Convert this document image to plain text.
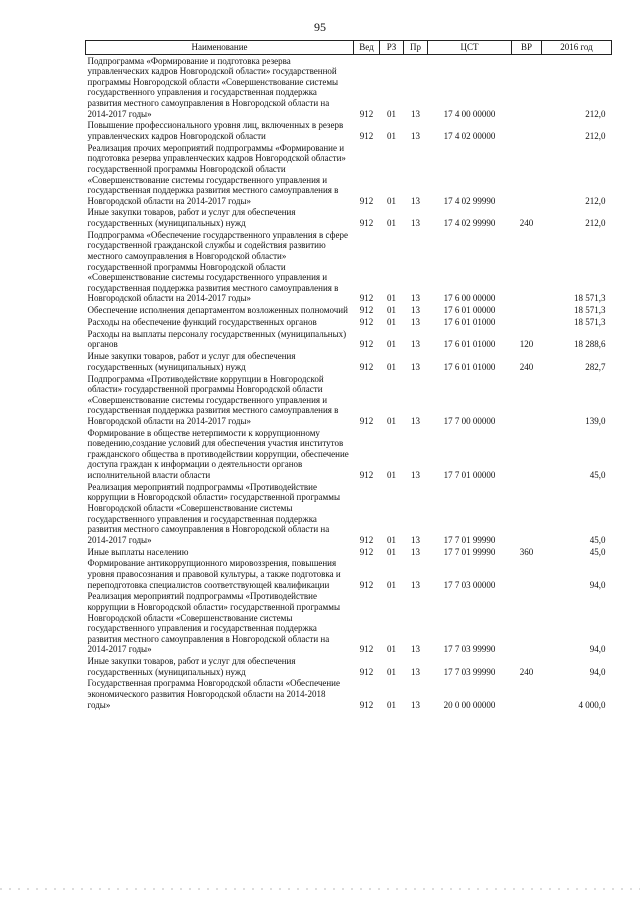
95
Наименование	Вед	РЗ	Пр	ЦСТ	ВР	2016 год
Подпрограмма «Формирование и подготовка резерва управленческих кадров Новгородской области» государственной программы Новгородской области «Совершенствование системы государственного управления и государственная поддержка развития местного самоуправления в Новгородской области на 2014-2017 годы»	912	01	13	17 4 00 00000		212,0
Повышение профессионального уровня лиц, включенных в резерв управленческих кадров Новгородской области	912	01	13	17 4 02 00000		212,0
Реализация прочих мероприятий подпрограммы «Формирование и подготовка резерва управленческих кадров Новгородской области» государственной программы Новгородской области «Совершенствование системы государственного управления и государственная поддержка развития местного самоуправления в Новгородской области на 2014-2017 годы»	912	01	13	17 4 02 99990		212,0
Иные закупки товаров, работ и услуг для обеспечения государственных (муниципальных) нужд	912	01	13	17 4 02 99990	240	212,0
Подпрограмма «Обеспечение государственного управления в сфере государственной гражданской службы и содействия развитию местного самоуправления в Новгородской области» государственной программы Новгородской области «Совершенствование системы государственного управления и государственная поддержка развития местного самоуправления в Новгородской области на 2014-2017 годы»	912	01	13	17 6 00 00000		18 571,3
Обеспечение исполнения департаментом возложенных полномочий	912	01	13	17 6 01 00000		18 571,3
Расходы на обеспечение функций государственных органов	912	01	13	17 6 01 01000		18 571,3
Расходы на выплаты персоналу государственных (муниципальных) органов	912	01	13	17 6 01 01000	120	18 288,6
Иные закупки товаров, работ и услуг для обеспечения государственных (муниципальных) нужд	912	01	13	17 6 01 01000	240	282,7
Подпрограмма «Противодействие коррупции в Новгородской области» государственной программы Новгородской области «Совершенствование системы государственного управления и государственная поддержка развития местного самоуправления в Новгородской области на 2014-2017 годы»	912	01	13	17 7 00 00000		139,0
Формирование в обществе нетерпимости к коррупционному поведению,создание условий для обеспечения участия институтов гражданского общества в противодействии коррупции, обеспечение доступа граждан к информации о деятельности органов исполнительной власти области	912	01	13	17 7 01 00000		45,0
Реализация мероприятий подпрограммы «Противодействие коррупции в Новгородской области» государственной программы Новгородской области «Совершенствование системы государственного управления и государственная поддержка развития местного самоуправления в Новгородской области на 2014-2017 годы»	912	01	13	17 7 01 99990		45,0
Иные выплаты населению	912	01	13	17 7 01 99990	360	45,0
Формирование антикоррупционного мировоззрения, повышения уровня правосознания и правовой культуры, а также подготовка и переподготовка специалистов соответствующей квалификации	912	01	13	17 7 03 00000		94,0
Реализация мероприятий подпрограммы «Противодействие коррупции в Новгородской области» государственной программы Новгородской области «Совершенствование системы государственного управления и государственная поддержка развития местного самоуправления в Новгородской области на 2014-2017 годы»	912	01	13	17 7 03 99990		94,0
Иные закупки товаров, работ и услуг для обеспечения государственных (муниципальных) нужд	912	01	13	17 7 03 99990	240	94,0
Государственная программа Новгородской области «Обеспечение экономического развития Новгородской области на 2014-2018 годы»	912	01	13	20 0 00 00000		4 000,0
